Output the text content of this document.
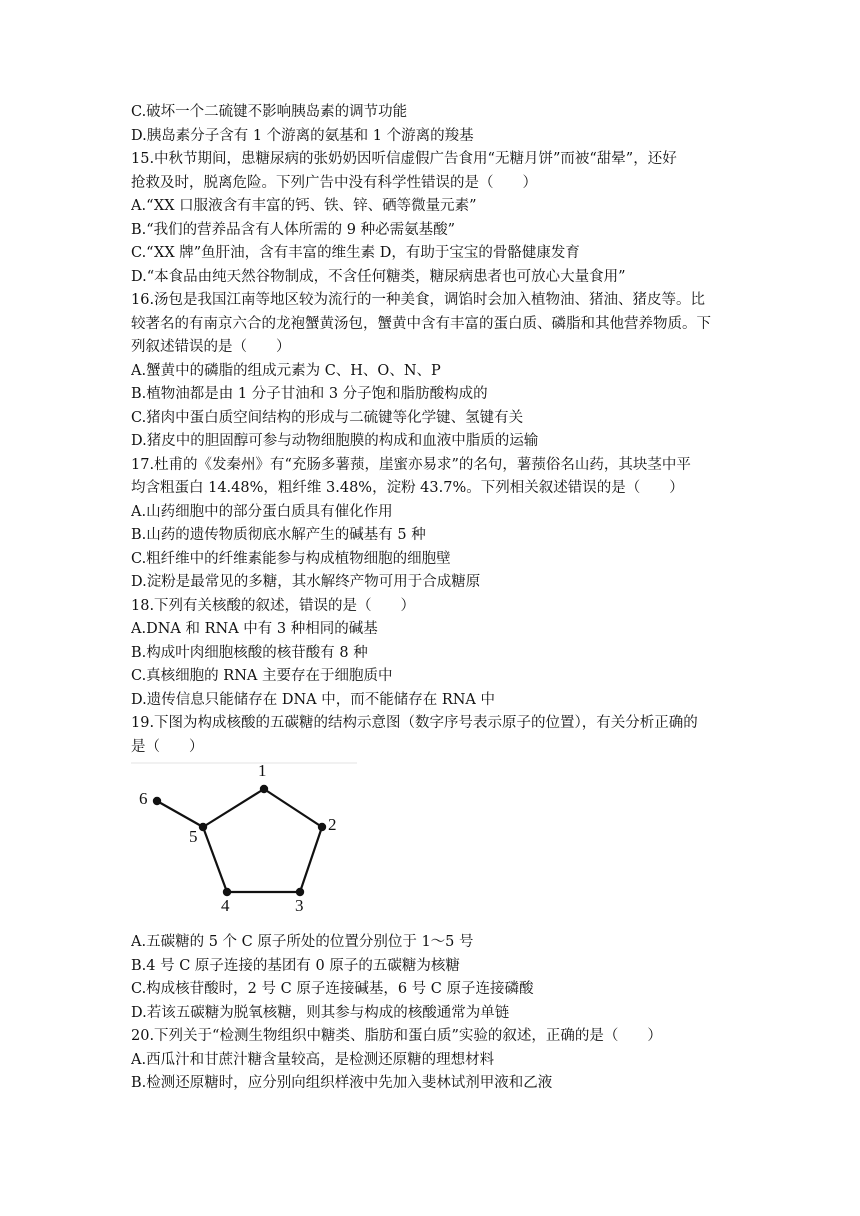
C.破坏一个二硫键不影响胰岛素的调节功能
D.胰岛素分子含有 1 个游离的氨基和 1 个游离的羧基
15.中秋节期间，患糖尿病的张奶奶因听信虚假广告食用“无糖月饼”而被“甜晕”，还好
抢救及时，脱离危险。下列广告中没有科学性错误的是（　　）
A.“XX 口服液含有丰富的钙、铁、锌、硒等微量元素”
B.“我们的营养品含有人体所需的 9 种必需氨基酸”
C.“XX 牌”鱼肝油，含有丰富的维生素 D，有助于宝宝的骨骼健康发育
D.“本食品由纯天然谷物制成，不含任何糖类，糖尿病患者也可放心大量食用”
16.汤包是我国江南等地区较为流行的一种美食，调馅时会加入植物油、猪油、猪皮等。比
较著名的有南京六合的龙袍蟹黄汤包，蟹黄中含有丰富的蛋白质、磷脂和其他营养物质。下
列叙述错误的是（　　）
A.蟹黄中的磷脂的组成元素为 C、H、O、N、P
B.植物油都是由 1 分子甘油和 3 分子饱和脂肪酸构成的
C.猪肉中蛋白质空间结构的形成与二硫键等化学键、氢键有关
D.猪皮中的胆固醇可参与动物细胞膜的构成和血液中脂质的运输
17.杜甫的《发秦州》有“充肠多薯蓣，崖蜜亦易求”的名句，薯蓣俗名山药，其块茎中平
均含粗蛋白 14.48%，粗纤维 3.48%，淀粉 43.7%。下列相关叙述错误的是（　　）
A.山药细胞中的部分蛋白质具有催化作用
B.山药的遗传物质彻底水解产生的碱基有 5 种
C.粗纤维中的纤维素能参与构成植物细胞的细胞壁
D.淀粉是最常见的多糖，其水解终产物可用于合成糖原
18.下列有关核酸的叙述，错误的是（　　）
A.DNA 和 RNA 中有 3 种相同的碱基
B.构成叶肉细胞核酸的核苷酸有 8 种
C.真核细胞的 RNA 主要存在于细胞质中
D.遗传信息只能储存在 DNA 中，而不能储存在 RNA 中
19.下图为构成核酸的五碳糖的结构示意图（数字序号表示原子的位置），有关分析正确的
是（　　）
1
2
3
4
5
6
A.五碳糖的 5 个 C 原子所处的位置分别位于 1～5 号
B.4 号 C 原子连接的基团有 0 原子的五碳糖为核糖
C.构成核苷酸时，2 号 C 原子连接碱基，6 号 C 原子连接磷酸
D.若该五碳糖为脱氧核糖，则其参与构成的核酸通常为单链
20.下列关于“检测生物组织中糖类、脂肪和蛋白质”实验的叙述，正确的是（　　）
A.西瓜汁和甘蔗汁糖含量较高，是检测还原糖的理想材料
B.检测还原糖时，应分别向组织样液中先加入斐林试剂甲液和乙液
